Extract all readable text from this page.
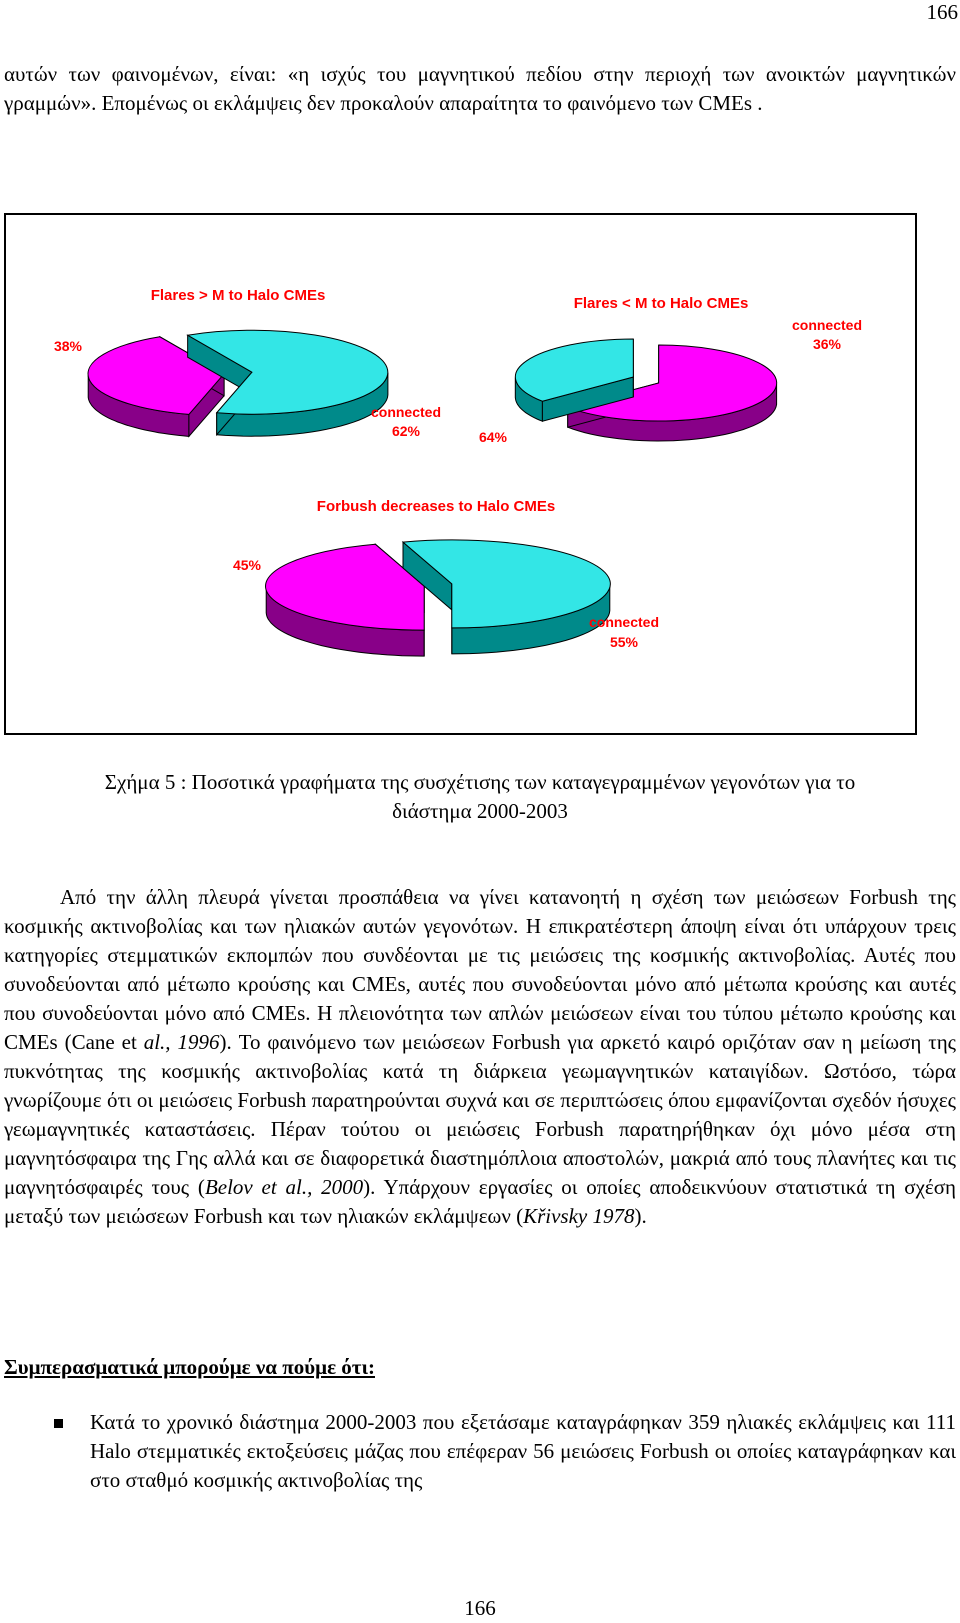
166
αυτών των φαινομένων, είναι: «η ισχύς του μαγνητικού πεδίου στην περιοχή των ανοικτών μαγνητικών γραμμών». Επομένως οι εκλάμψεις δεν προκαλούν απαραίτητα το φαινόμενο των CMEs .
Flares > M to Halo CMEs
38%
connected
62%
Flares < M to Halo CMEs
connected
36%
64%
Forbush decreases to Halo CMEs
45%
connected
55%
Σχήμα 5 : Ποσοτικά γραφήματα της συσχέτισης των καταγεγραμμένων γεγονότων για το
διάστημα 2000-2003
Από την άλλη πλευρά γίνεται προσπάθεια να γίνει κατανοητή η σχέση των μειώσεων Forbush της κοσμικής ακτινοβολίας και των ηλιακών αυτών γεγονότων. Η επικρατέστερη άποψη είναι ότι υπάρχουν τρεις κατηγορίες στεμματικών εκπομπών που συνδέονται με τις μειώσεις της κοσμικής ακτινοβολίας. Αυτές που συνοδεύονται από μέτωπο κρούσης και CMEs, αυτές που συνοδεύονται μόνο από μέτωπα κρούσης και αυτές που συνοδεύονται μόνο από CMEs. Η πλειονότητα των απλών μειώσεων είναι του τύπου μέτωπο κρούσης και CMEs (Cane et al., 1996). Το φαινόμενο των μειώσεων Forbush για αρκετό καιρό οριζόταν σαν η μείωση της πυκνότητας της κοσμικής ακτινοβολίας κατά τη διάρκεια γεωμαγνητικών καταιγίδων. Ωστόσο, τώρα γνωρίζουμε ότι οι μειώσεις Forbush παρατηρούνται συχνά και σε περιπτώσεις όπου εμφανίζονται σχεδόν ήσυχες γεωμαγνητικές καταστάσεις. Πέραν τούτου οι μειώσεις Forbush παρατηρήθηκαν όχι μόνο μέσα στη μαγνητόσφαιρα της Γης αλλά και σε διαφορετικά διαστημόπλοια αποστολών, μακριά από τους πλανήτες και τις μαγνητόσφαιρές τους (Belov et al., 2000). Υπάρχουν εργασίες οι οποίες αποδεικνύουν στατιστικά τη σχέση μεταξύ των μειώσεων Forbush και των ηλιακών εκλάμψεων (Křivsky 1978).
Συμπερασματικά μπορούμε να πούμε ότι:
Κατά το χρονικό διάστημα 2000-2003 που εξετάσαμε καταγράφηκαν 359 ηλιακές εκλάμψεις και 111 Halo στεμματικές εκτοξεύσεις μάζας που επέφεραν 56 μειώσεις Forbush οι οποίες καταγράφηκαν και στο σταθμό κοσμικής ακτινοβολίας της
166
